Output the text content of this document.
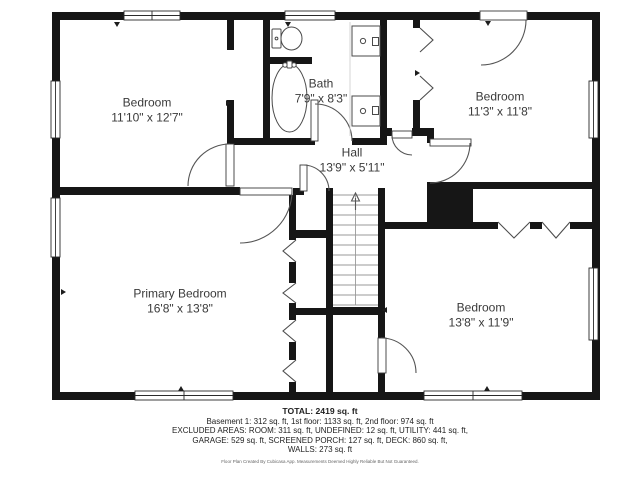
Bedroom
11'10" x 12'7"
Bath
7'9" x 8'3"	Bedroom
11'3" x 11'8"
Hall
13'9" x 5'11"
Primary Bedroom
16'8" x 13'8"	Bedroom
13'8" x 11'9"
TOTAL: 2419 sq. ft
Basement 1: 312 sq. ft, 1st floor: 1133 sq. ft, 2nd floor: 974 sq. ft
EXCLUDED AREAS: ROOM: 311 sq. ft, UNDEFINED: 12 sq. ft, UTILITY: 441 sq. ft,
GARAGE: 529 sq. ft, SCREENED PORCH: 127 sq. ft, DECK: 860 sq. ft,
WALLS: 273 sq. ft
Floor Plan Created By Cubicasa App. Measurements Deemed Highly Reliable But Not Guaranteed.
